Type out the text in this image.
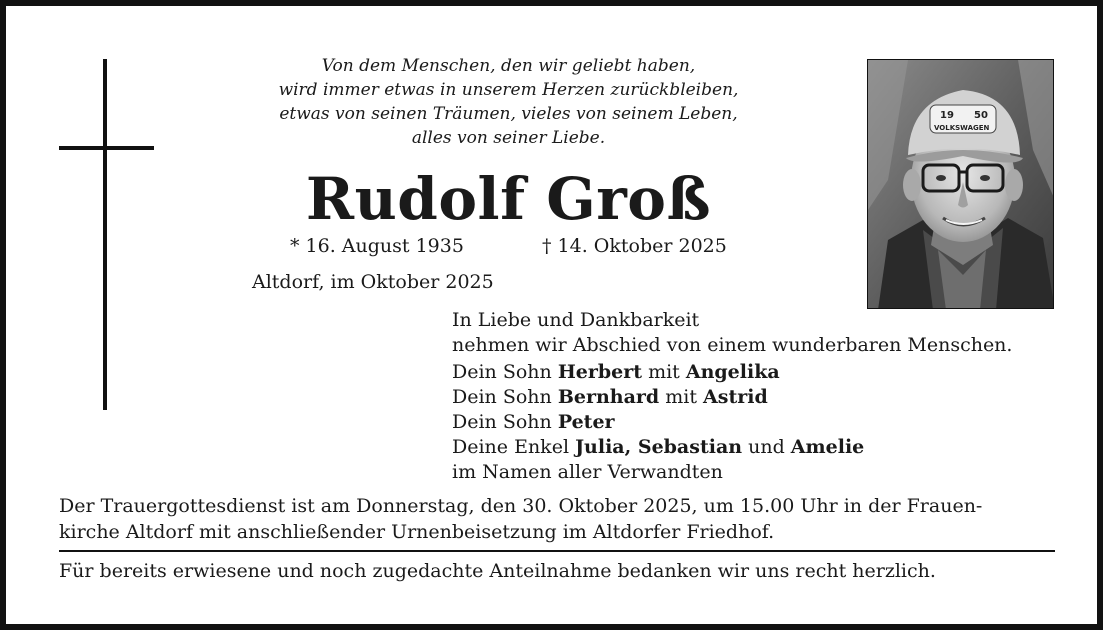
Von dem Menschen, den wir geliebt haben,
wird immer etwas in unserem Herzen zurückbleiben,
etwas von seinen Träumen, vieles von seinem Leben,
alles von seiner Liebe.
Rudolf Groß
* 16. August 1935	† 14. Oktober 2025
Altdorf, im Oktober 2025
19 50
VOLKSWAGEN
In Liebe und Dankbarkeit
nehmen wir Abschied von einem wunderbaren Menschen.
Dein Sohn Herbert mit Angelika
Dein Sohn Bernhard mit Astrid
Dein Sohn Peter
Deine Enkel Julia, Sebastian und Amelie
im Namen aller Verwandten
Der Trauergottesdienst ist am Donnerstag, den 30. Oktober 2025, um 15.00 Uhr in der Frauen-
kirche Altdorf mit anschließender Urnenbeisetzung im Altdorfer Friedhof.
Für bereits erwiesene und noch zugedachte Anteilnahme bedanken wir uns recht herzlich.
